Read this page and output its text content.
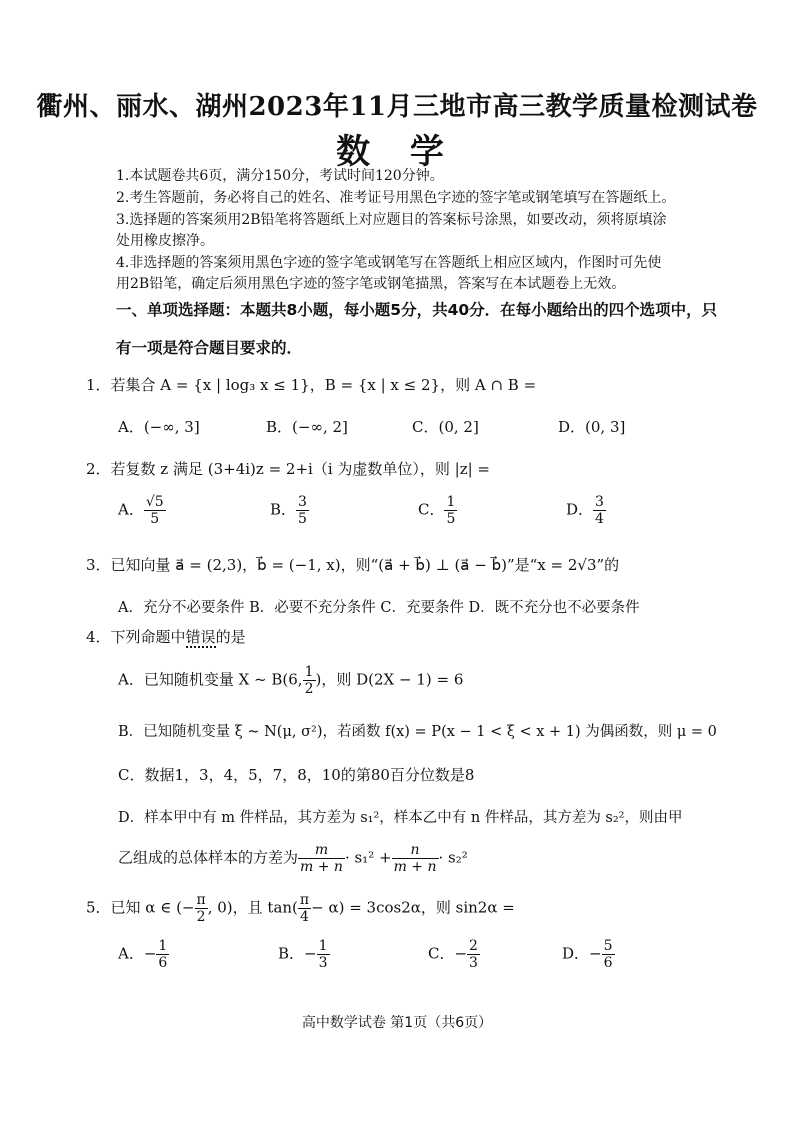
衢州、丽水、湖州2023年11月三地市高三教学质量检测试卷
数 学
1.本试题卷共6页，满分150分，考试时间120分钟。
2.考生答题前，务必将自己的姓名、准考证号用黑色字迹的签字笔或钢笔填写在答题纸上。
3.选择题的答案须用2B铅笔将答题纸上对应题目的答案标号涂黑，如要改动，须将原填涂
处用橡皮擦净。
4.非选择题的答案须用黑色字迹的签字笔或钢笔写在答题纸上相应区域内，作图时可先使
用2B铅笔，确定后须用黑色字迹的签字笔或钢笔描黑，答案写在本试题卷上无效。
一、单项选择题：本题共8小题，每小题5分，共40分．在每小题给出的四个选项中，只
有一项是符合题目要求的．
1．若集合 A = {x | log₃ x ≤ 1}，B = {x | x ≤ 2}，则 A ∩ B =
A．(−∞, 3]	B．(−∞, 2]	C．(0, 2]	D．(0, 3]
2．若复数 z 满足 (3+4i)z = 2+i（i 为虚数单位），则 |z| =
A． $\frac{√5}{5}$	B． $\frac{3}{5}$	C． $\frac{1}{5}$	D． $\frac{3}{4}$
3．已知向量 a⃗ = (2,3)，b⃗ = (−1, x)，则“(a⃗ + b⃗) ⊥ (a⃗ − b⃗)”是“x = 2√3”的
A．充分不必要条件 B．必要不充分条件 C．充要条件 D．既不充分也不必要条件
4．下列命题中错误的是
A．已知随机变量 X ~ B(6, $\frac{1}{2}$ )，则 D(2X − 1) = 6
B．已知随机变量 ξ ~ N(μ, σ²)，若函数 f(x) = P(x − 1 < ξ < x + 1) 为偶函数，则 μ = 0
C．数据1，3，4，5，7，8，10的第80百分位数是8
D．样本甲中有 m 件样品，其方差为 s₁²，样本乙中有 n 件样品，其方差为 s₂²，则由甲
乙组成的总体样本的方差为 $\frac{m}{m + n} \cdot s_1^2 + \frac{n}{m + n} \cdot s_2^2$
5．已知 α ∈ (− $\frac{\pi}{2}$ , 0)，且 $\tan( \frac{\pi}{4} - \alpha) = 3\cos 2\alpha$，则 sin2α =
A．− $\frac{1}{6}$	B．− $\frac{1}{3}$	C．− $\frac{2}{3}$	D．− $\frac{5}{6}$
高中数学试卷 第1页（共6页）
